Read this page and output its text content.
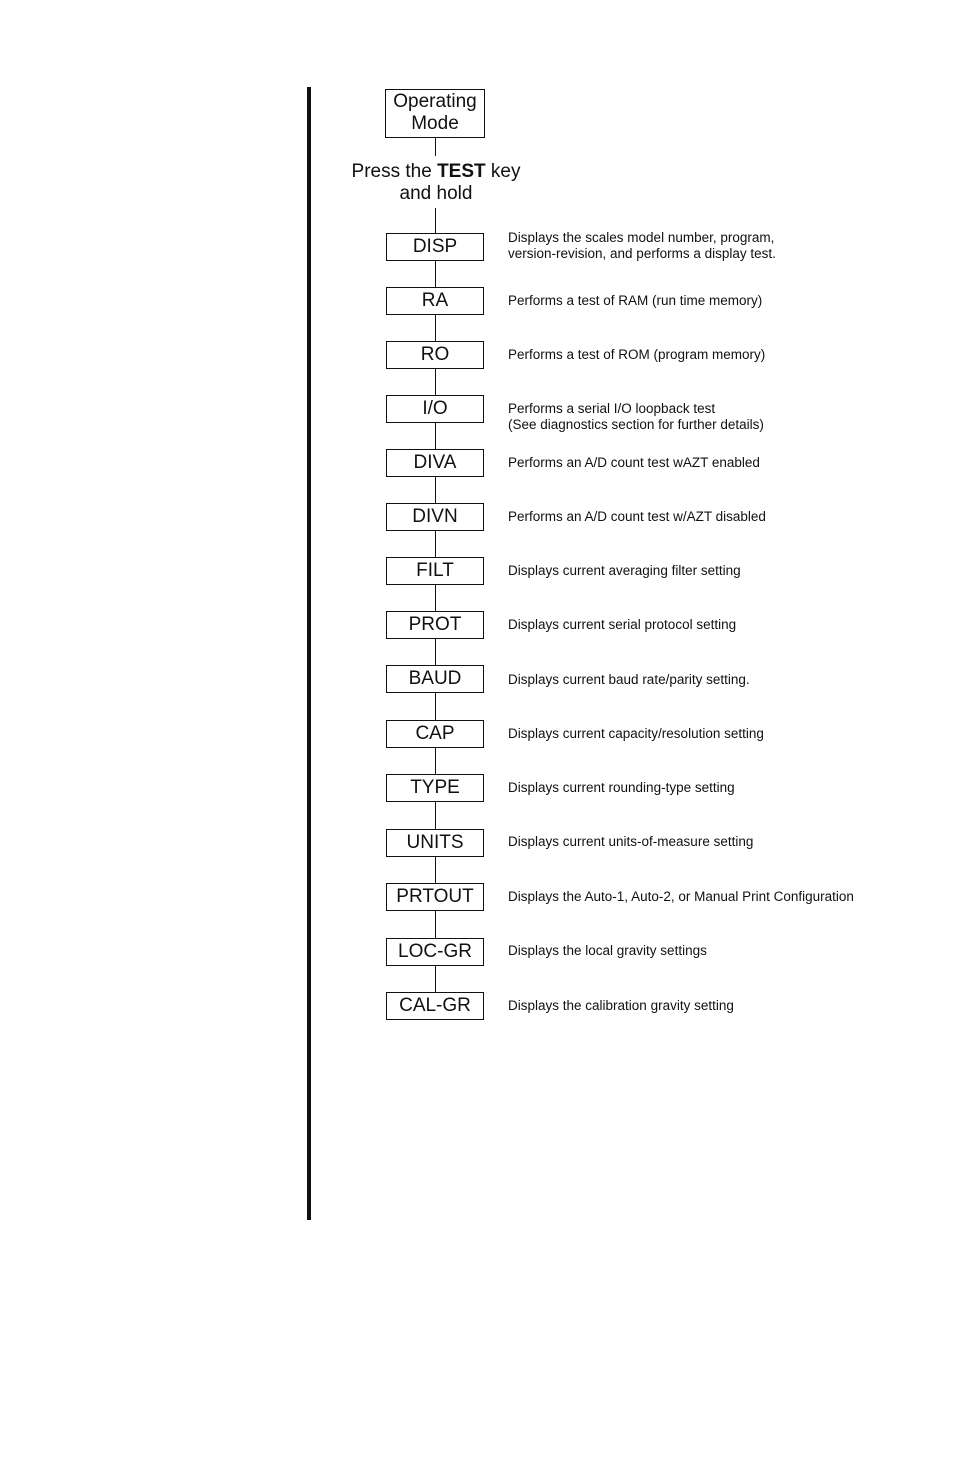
Operating
Mode
Press the TEST key
and hold
DISP
RA
RO
I/O
DIVA
DIVN
FILT
PROT
BAUD
CAP
TYPE
UNITS
PRTOUT
LOC-GR
CAL-GR
Displays the scales model number, program,
version-revision, and performs a display test.
Performs a test of RAM (run time memory)
Performs a test of ROM (program memory)
Performs a serial I/O loopback test
(See diagnostics section for further details)
Performs an A/D count test wAZT enabled
Performs an A/D count test w/AZT disabled
Displays current averaging filter setting
Displays current serial protocol setting
Displays current baud rate/parity setting.
Displays current capacity/resolution setting
Displays current rounding-type setting
Displays current units-of-measure setting
Displays the Auto-1, Auto-2, or Manual Print Configuration
Displays the local gravity settings
Displays the calibration gravity setting
